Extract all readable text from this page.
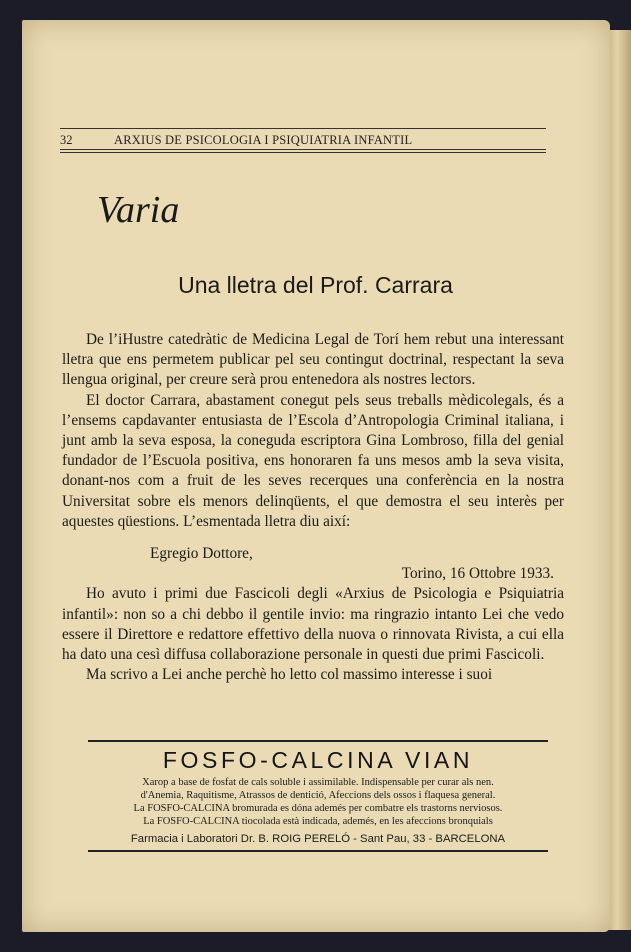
32	ARXIUS DE PSICOLOGIA I PSIQUIATRIA INFANTIL
Varia
Una lletra del Prof. Carrara

De l’iHustre catedràtic de Medicina Legal de Torí hem rebut una interessant lletra que ens permetem publicar pel seu contingut doctrinal, respectant la seva llengua original, per creure serà prou entenedora als nostres lectors.

El doctor Carrara, abastament conegut pels seus treballs mèdicolegals, és a l’ensems capdavanter entusiasta de l’Escola d’Antropologia Criminal italiana, i junt amb la seva esposa, la coneguda escriptora Gina Lombroso, filla del genial fundador de l’Escuola positiva, ens honoraren fa uns mesos amb la seva visita, donant-nos com a fruit de les seves recerques una conferència en la nostra Universitat sobre els menors delinqüents, el que demostra el seu interès per aquestes qüestions. L’esmentada lletra diu així:

Egregio Dottore,
Torino, 16 Ottobre 1933.

Ho avuto i primi due Fascicoli degli «Arxius de Psicologia e Psiquiatria infantil»: non so a chi debbo il gentile invio: ma ringrazio intanto Lei che vedo essere il Direttore e redattore effettivo della nuova o rinnovata Rivista, a cui ella ha dato una cesì diffusa collaborazione personale in questi due primi Fascicoli.

Ma scrivo a Lei anche perchè ho letto col massimo interesse i suoi

FOSFO-CALCINA VIAN
Xarop a base de fosfat de cals soluble i assimilable. Indispensable per curar als nen.
d'Anemia, Raquitisme, Atrassos de dentició, Afeccions dels ossos i flaquesa general.
La FOSFO-CALCINA bromurada es dóna ademés per combatre els trastorns nerviosos.
La FOSFO-CALCINA tiocolada està indicada, ademés, en les afeccions bronquials
Farmacia i Laboratori Dr. B. ROIG PERELÓ - Sant Pau, 33 - BARCELONA
